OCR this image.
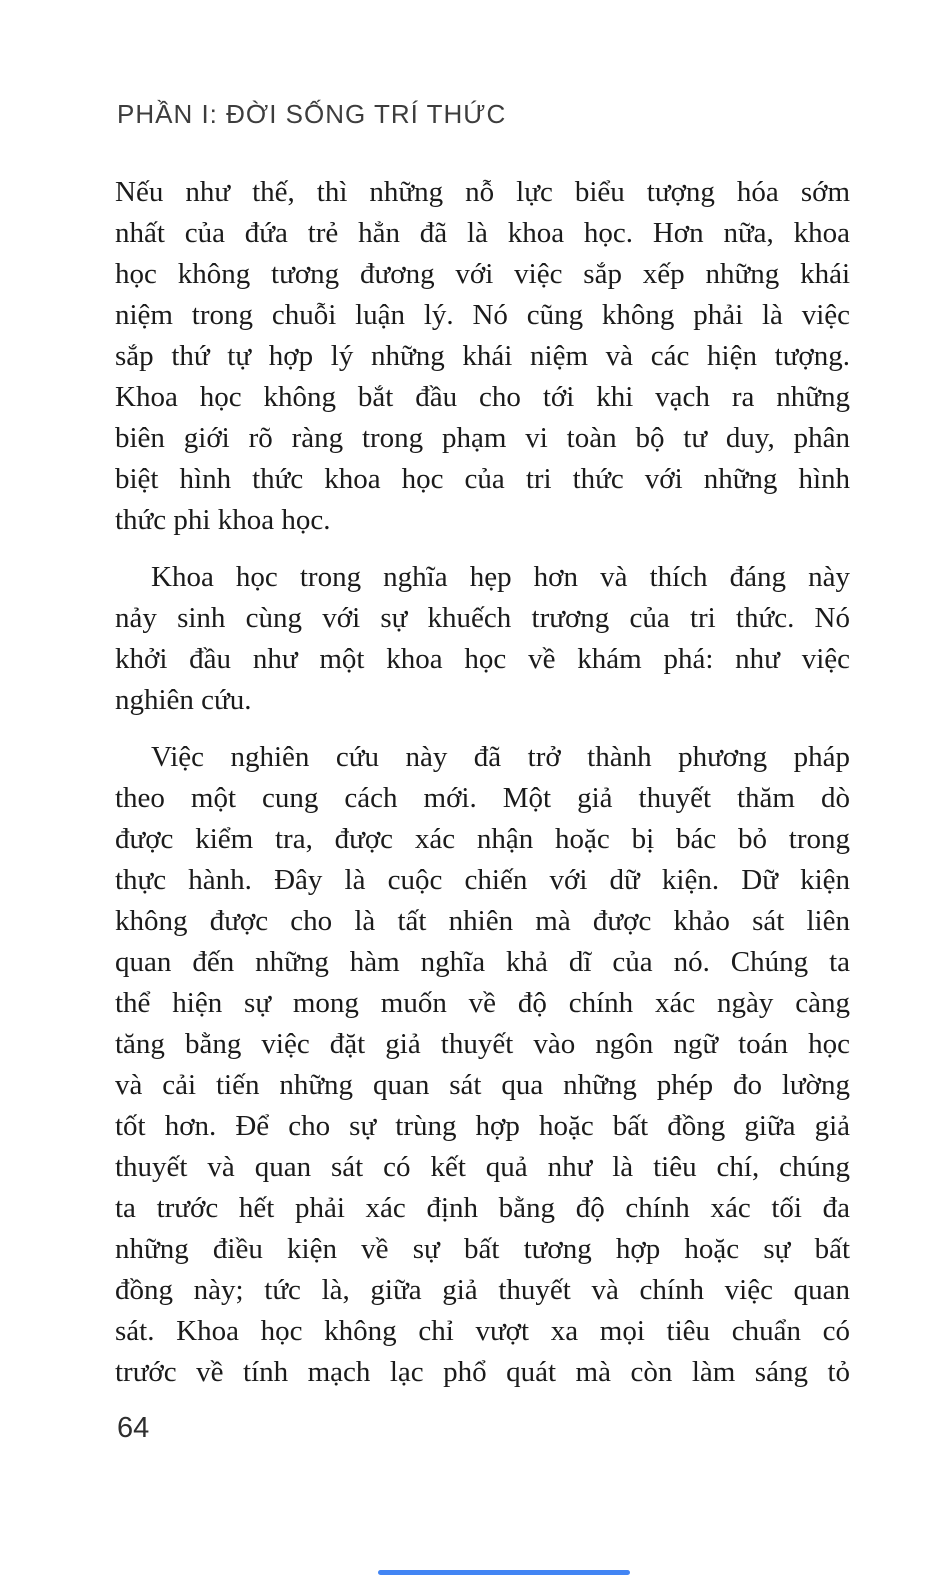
PHẦN I: ĐỜI SỐNG TRÍ THỨC
Nếu như thế, thì những nỗ lực biểu tượng hóa sớm
nhất của đứa trẻ hẳn đã là khoa học. Hơn nữa, khoa
học không tương đương với việc sắp xếp những khái
niệm trong chuỗi luận lý. Nó cũng không phải là việc
sắp thứ tự hợp lý những khái niệm và các hiện tượng.
Khoa học không bắt đầu cho tới khi vạch ra những
biên giới rõ ràng trong phạm vi toàn bộ tư duy, phân
biệt hình thức khoa học của tri thức với những hình
thức phi khoa học.
Khoa học trong nghĩa hẹp hơn và thích đáng này
nảy sinh cùng với sự khuếch trương của tri thức. Nó
khởi đầu như một khoa học về khám phá: như việc
nghiên cứu.
Việc nghiên cứu này đã trở thành phương pháp
theo một cung cách mới. Một giả thuyết thăm dò
được kiểm tra, được xác nhận hoặc bị bác bỏ trong
thực hành. Đây là cuộc chiến với dữ kiện. Dữ kiện
không được cho là tất nhiên mà được khảo sát liên
quan đến những hàm nghĩa khả dĩ của nó. Chúng ta
thể hiện sự mong muốn về độ chính xác ngày càng
tăng bằng việc đặt giả thuyết vào ngôn ngữ toán học
và cải tiến những quan sát qua những phép đo lường
tốt hơn. Để cho sự trùng hợp hoặc bất đồng giữa giả
thuyết và quan sát có kết quả như là tiêu chí, chúng
ta trước hết phải xác định bằng độ chính xác tối đa
những điều kiện về sự bất tương hợp hoặc sự bất
đồng này; tức là, giữa giả thuyết và chính việc quan
sát. Khoa học không chỉ vượt xa mọi tiêu chuẩn có
trước về tính mạch lạc phổ quát mà còn làm sáng tỏ
64
